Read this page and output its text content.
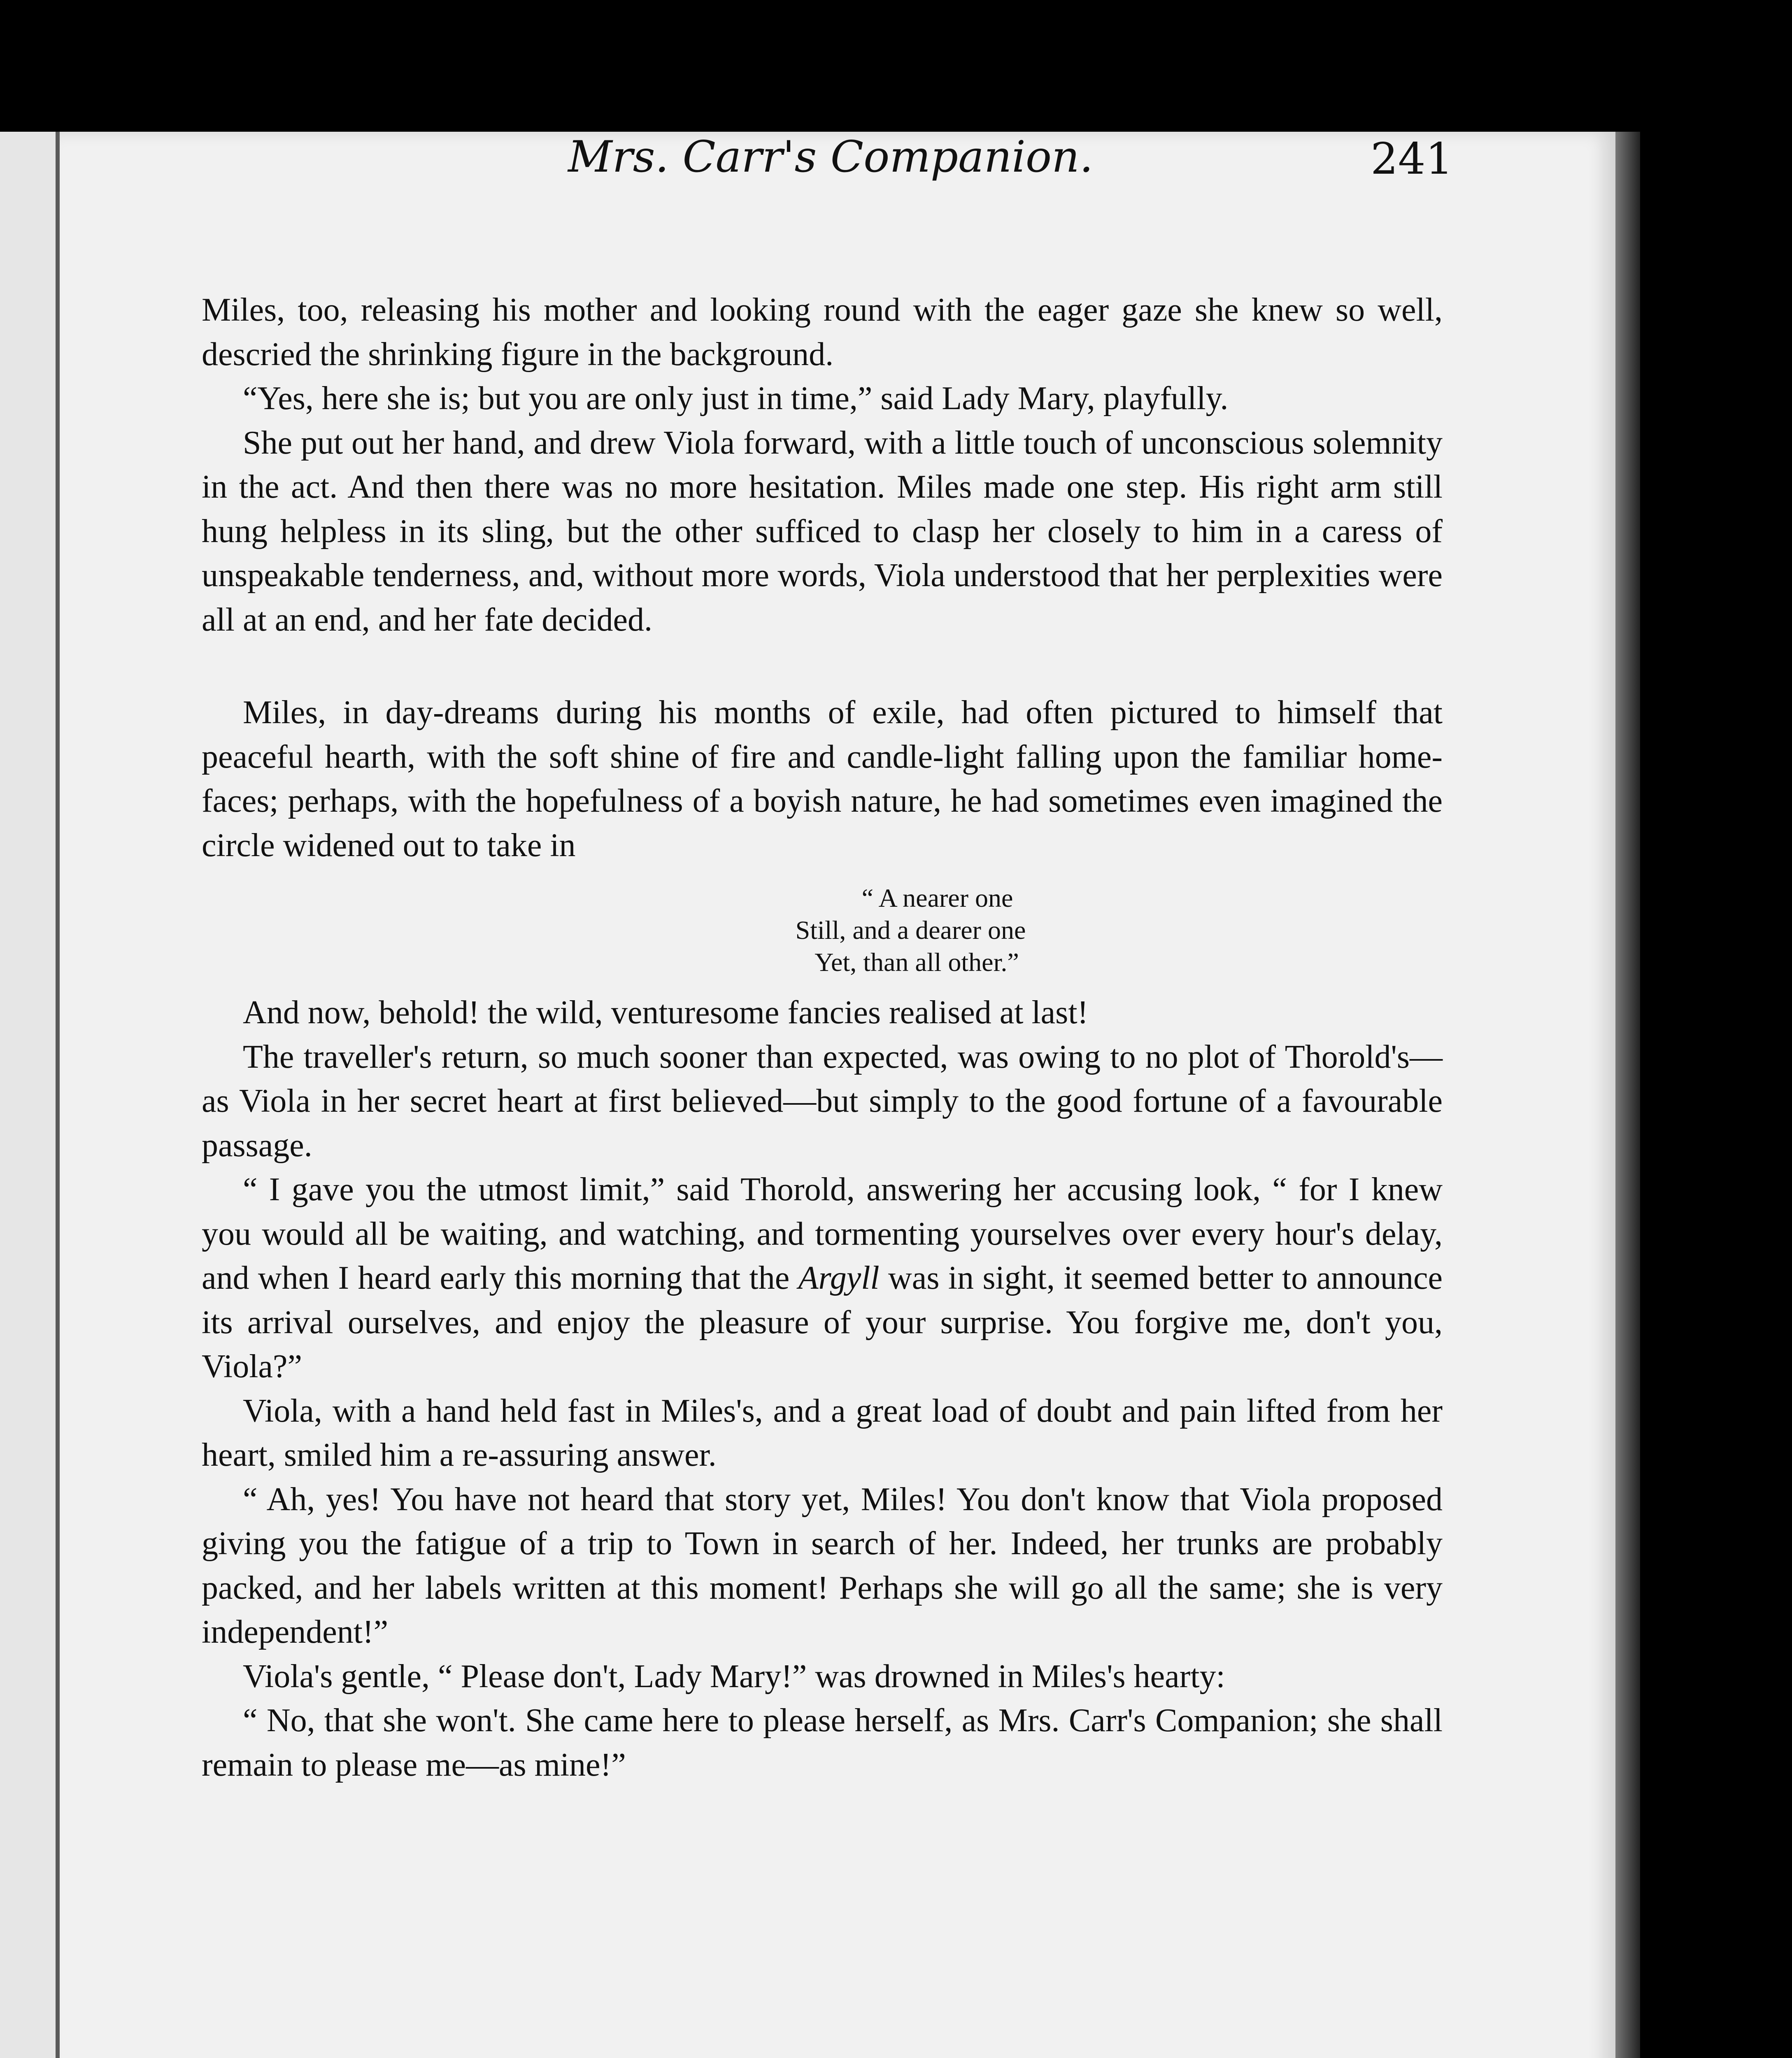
Mrs. Carr's Companion.	241

Miles, too, releasing his mother and looking round with the eager gaze she knew so well, descried the shrinking figure in the background.

“Yes, here she is; but you are only just in time,” said Lady Mary, playfully.

She put out her hand, and drew Viola forward, with a little touch of unconscious solemnity in the act. And then there was no more hesitation. Miles made one step. His right arm still hung helpless in its sling, but the other sufficed to clasp her closely to him in a caress of unspeakable tenderness, and, without more words, Viola understood that her perplexities were all at an end, and her fate decided.

Miles, in day-dreams during his months of exile, had often pictured to himself that peaceful hearth, with the soft shine of fire and candle-light falling upon the familiar home-faces; perhaps, with the hopefulness of a boyish nature, he had sometimes even imagined the circle widened out to take in

“ A nearer one
Still, and a dearer one
Yet, than all other.”

And now, behold! the wild, venturesome fancies realised at last!

The traveller's return, so much sooner than expected, was owing to no plot of Thorold's—as Viola in her secret heart at first believed—but simply to the good fortune of a favourable passage.

“ I gave you the utmost limit,” said Thorold, answering her accusing look, “ for I knew you would all be waiting, and watching, and tormenting yourselves over every hour's delay, and when I heard early this morning that the Argyll was in sight, it seemed better to announce its arrival ourselves, and enjoy the pleasure of your surprise. You forgive me, don't you, Viola?”

Viola, with a hand held fast in Miles's, and a great load of doubt and pain lifted from her heart, smiled him a re-assuring answer.

“ Ah, yes! You have not heard that story yet, Miles! You don't know that Viola proposed giving you the fatigue of a trip to Town in search of her. Indeed, her trunks are probably packed, and her labels written at this moment! Perhaps she will go all the same; she is very independent!”

Viola's gentle, “ Please don't, Lady Mary!” was drowned in Miles's hearty:

“ No, that she won't. She came here to please herself, as Mrs. Carr's Companion; she shall remain to please me—as mine!”
